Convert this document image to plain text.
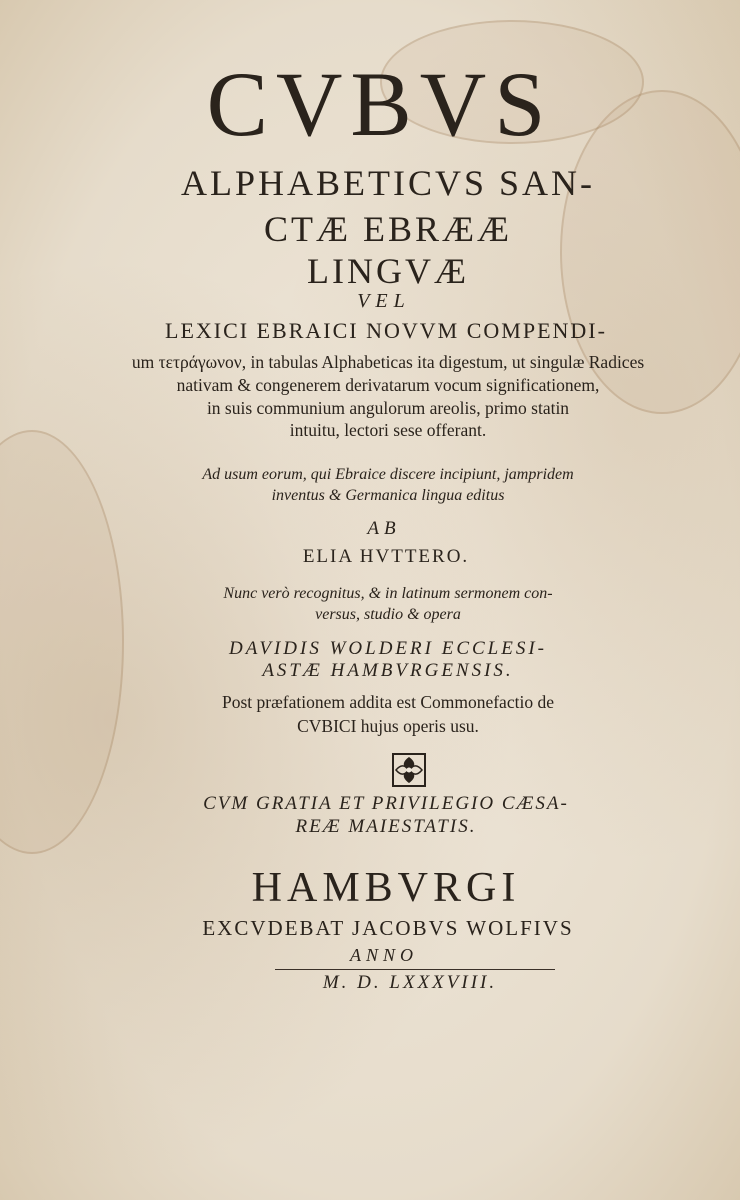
CVBVS
ALPHABETICVS SAN-
CTÆ EBRÆÆ
LINGVÆ
VEL
LEXICI EBRAICI NOVVM COMPENDI-
um τετράγωνον, in tabulas Alphabeticas ita digestum, ut singulæ Radices
nativam & congenerem derivatarum vocum significationem,
in suis communium angulorum areolis, primo statin
intuitu, lectori sese offerant.
Ad usum eorum, qui Ebraice discere incipiunt, jampridem
inventus & Germanica lingua editus
AB
ELIA HVTTERO.
Nunc verò recognitus, & in latinum sermonem con-
versus, studio & opera
DAVIDIS WOLDERI ECCLESI-
ASTÆ HAMBVRGENSIS.
Post præfationem addita est Commonefactio de
CVBICI hujus operis usu.
CVM GRATIA ET PRIVILEGIO CÆSA-
REÆ MAIESTATIS.
HAMBVRGI
EXCVDEBAT JACOBVS WOLFIVS
ANNO
M. D. LXXXVIII.
